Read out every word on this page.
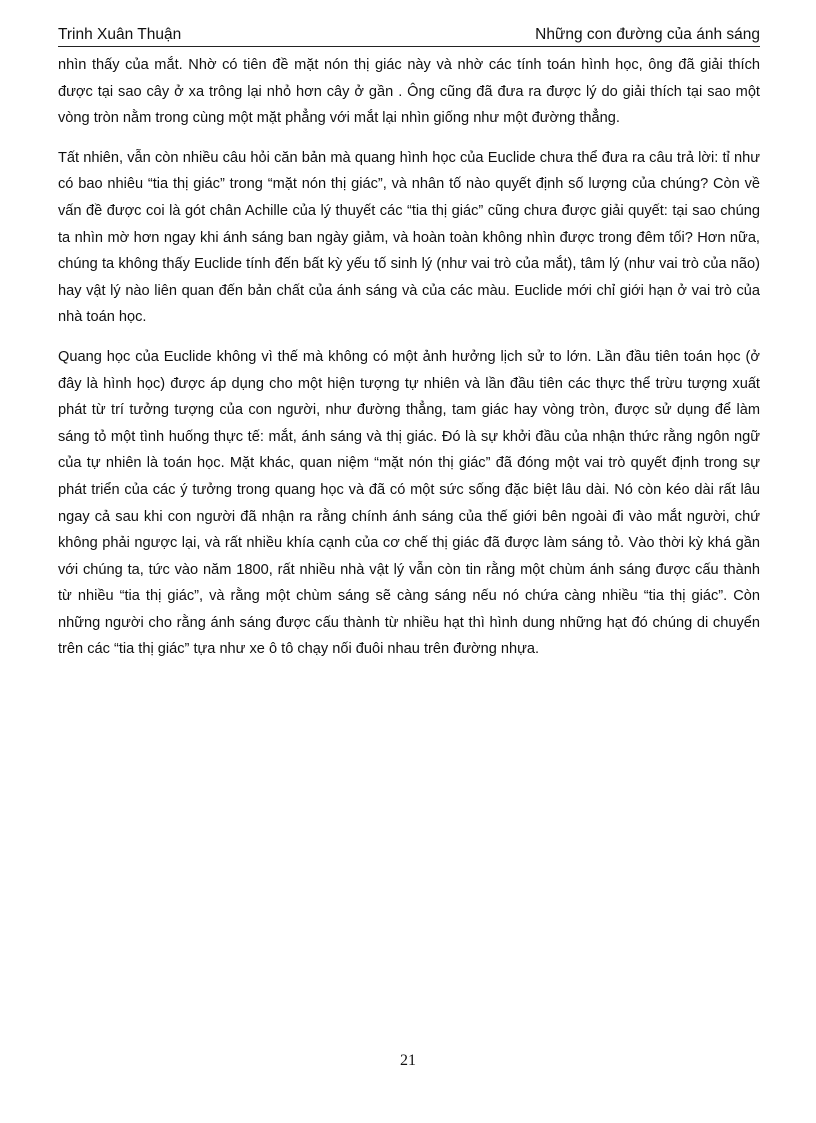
Trinh Xuân Thuận	Những con đường của ánh sáng

nhìn thấy của mắt. Nhờ có tiên đề mặt nón thị giác này và nhờ các tính toán hình học, ông đã giải thích được tại sao cây ở xa trông lại nhỏ hơn cây ở gần . Ông cũng đã đưa ra được lý do giải thích tại sao một vòng tròn nằm trong cùng một mặt phẳng với mắt lại nhìn giống như một đường thẳng.

Tất nhiên, vẫn còn nhiều câu hỏi căn bản mà quang hình học của Euclide chưa thể đưa ra câu trả lời: tỉ như có bao nhiêu “tia thị giác” trong “mặt nón thị giác”, và nhân tố nào quyết định số lượng của chúng? Còn về vấn đề được coi là gót chân Achille của lý thuyết các “tia thị giác” cũng chưa được giải quyết: tại sao chúng ta nhìn mờ hơn ngay khi ánh sáng ban ngày giảm, và hoàn toàn không nhìn được trong đêm tối? Hơn nữa, chúng ta không thấy Euclide tính đến bất kỳ yếu tố sinh lý (như vai trò của mắt), tâm lý (như vai trò của não) hay vật lý nào liên quan đến bản chất của ánh sáng và của các màu. Euclide mới chỉ giới hạn ở vai trò của nhà toán học.

Quang học của Euclide không vì thế mà không có một ảnh hưởng lịch sử to lớn. Lần đầu tiên toán học (ở đây là hình học) được áp dụng cho một hiện tượng tự nhiên và lần đầu tiên các thực thể trừu tượng xuất phát từ trí tưởng tượng của con người, như đường thẳng, tam giác hay vòng tròn, được sử dụng để làm sáng tỏ một tình huống thực tế: mắt, ánh sáng và thị giác. Đó là sự khởi đầu của nhận thức rằng ngôn ngữ của tự nhiên là toán học. Mặt khác, quan niệm “mặt nón thị giác” đã đóng một vai trò quyết định trong sự phát triển của các ý tưởng trong quang học và đã có một sức sống đặc biệt lâu dài. Nó còn kéo dài rất lâu ngay cả sau khi con người đã nhận ra rằng chính ánh sáng của thế giới bên ngoài đi vào mắt người, chứ không phải ngược lại, và rất nhiều khía cạnh của cơ chế thị giác đã được làm sáng tỏ. Vào thời kỳ khá gần với chúng ta, tức vào năm 1800, rất nhiều nhà vật lý vẫn còn tin rằng một chùm ánh sáng được cấu thành từ nhiều “tia thị giác”, và rằng một chùm sáng sẽ càng sáng nếu nó chứa càng nhiều “tia thị giác”. Còn những người cho rằng ánh sáng được cấu thành từ nhiều hạt thì hình dung những hạt đó chúng di chuyển trên các “tia thị giác” tựa như xe ô tô chạy nối đuôi nhau trên đường nhựa.

21
